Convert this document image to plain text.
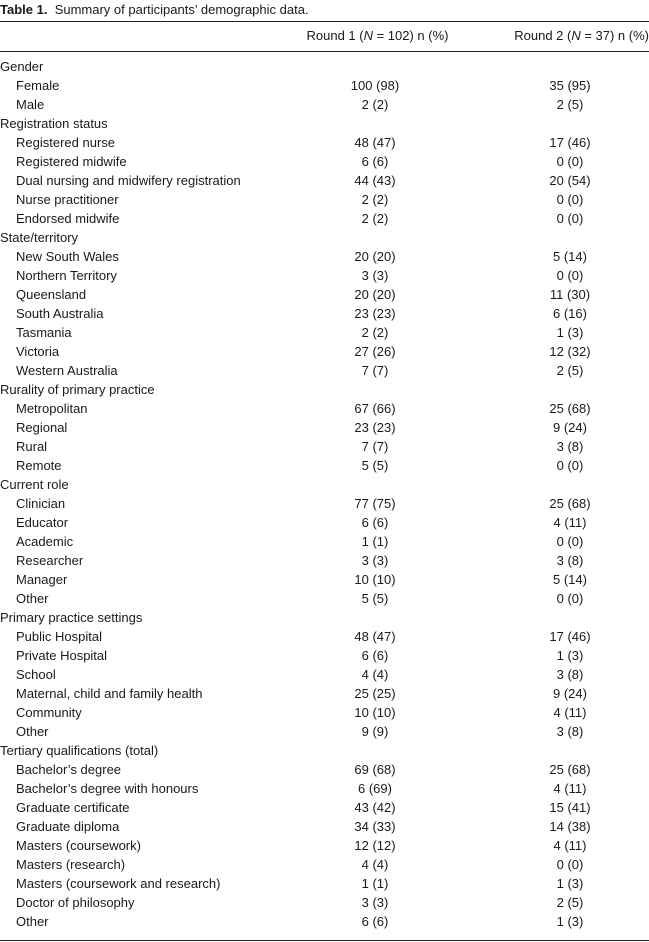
Table 1. Summary of participants’ demographic data.
Round 1 (N = 102) n (%)	Round 2 (N = 37) n (%)
Gender
Female	100 (98)	35 (95)
Male	2 (2)	2 (5)
Registration status
Registered nurse	48 (47)	17 (46)
Registered midwife	6 (6)	0 (0)
Dual nursing and midwifery registration	44 (43)	20 (54)
Nurse practitioner	2 (2)	0 (0)
Endorsed midwife	2 (2)	0 (0)
State/territory
New South Wales	20 (20)	5 (14)
Northern Territory	3 (3)	0 (0)
Queensland	20 (20)	11 (30)
South Australia	23 (23)	6 (16)
Tasmania	2 (2)	1 (3)
Victoria	27 (26)	12 (32)
Western Australia	7 (7)	2 (5)
Rurality of primary practice
Metropolitan	67 (66)	25 (68)
Regional	23 (23)	9 (24)
Rural	7 (7)	3 (8)
Remote	5 (5)	0 (0)
Current role
Clinician	77 (75)	25 (68)
Educator	6 (6)	4 (11)
Academic	1 (1)	0 (0)
Researcher	3 (3)	3 (8)
Manager	10 (10)	5 (14)
Other	5 (5)	0 (0)
Primary practice settings
Public Hospital	48 (47)	17 (46)
Private Hospital	6 (6)	1 (3)
School	4 (4)	3 (8)
Maternal, child and family health	25 (25)	9 (24)
Community	10 (10)	4 (11)
Other	9 (9)	3 (8)
Tertiary qualifications (total)
Bachelor’s degree	69 (68)	25 (68)
Bachelor’s degree with honours	6 (69)	4 (11)
Graduate certificate	43 (42)	15 (41)
Graduate diploma	34 (33)	14 (38)
Masters (coursework)	12 (12)	4 (11)
Masters (research)	4 (4)	0 (0)
Masters (coursework and research)	1 (1)	1 (3)
Doctor of philosophy	3 (3)	2 (5)
Other	6 (6)	1 (3)
